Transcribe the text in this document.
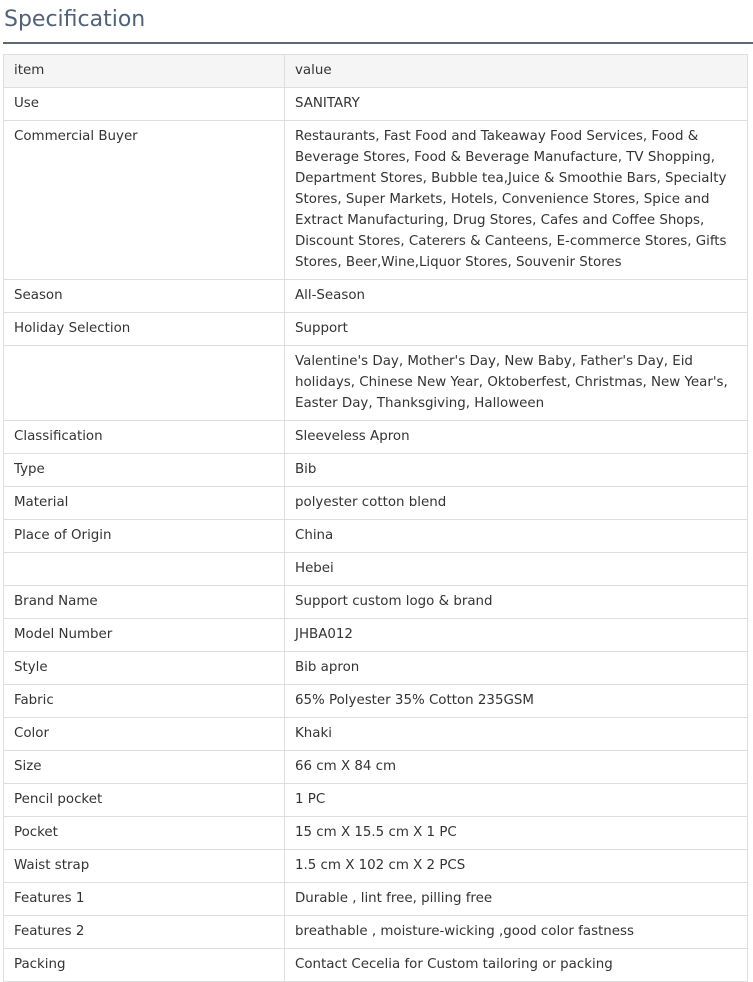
Specification
item	value
Use	SANITARY
Commercial Buyer	Restaurants, Fast Food and Takeaway Food Services, Food & Beverage Stores, Food & Beverage Manufacture, TV Shopping, Department Stores, Bubble tea,Juice & Smoothie Bars, Specialty Stores, Super Markets, Hotels, Convenience Stores, Spice and Extract Manufacturing, Drug Stores, Cafes and Coffee Shops, Discount Stores, Caterers & Canteens, E-commerce Stores, Gifts Stores, Beer,Wine,Liquor Stores, Souvenir Stores
Season	All-Season
Holiday Selection	Support
	Valentine's Day, Mother's Day, New Baby, Father's Day, Eid holidays, Chinese New Year, Oktoberfest, Christmas, New Year's, Easter Day, Thanksgiving, Halloween
Classification	Sleeveless Apron
Type	Bib
Material	polyester cotton blend
Place of Origin	China
	Hebei
Brand Name	Support custom logo & brand
Model Number	JHBA012
Style	Bib apron
Fabric	65% Polyester 35% Cotton 235GSM
Color	Khaki
Size	66 cm X 84 cm
Pencil pocket	1 PC
Pocket	15 cm X 15.5 cm X 1 PC
Waist strap	1.5 cm X 102 cm X 2 PCS
Features 1	Durable , lint free, pilling free
Features 2	breathable , moisture-wicking ,good color fastness
Packing	Contact Cecelia for Custom tailoring or packing
